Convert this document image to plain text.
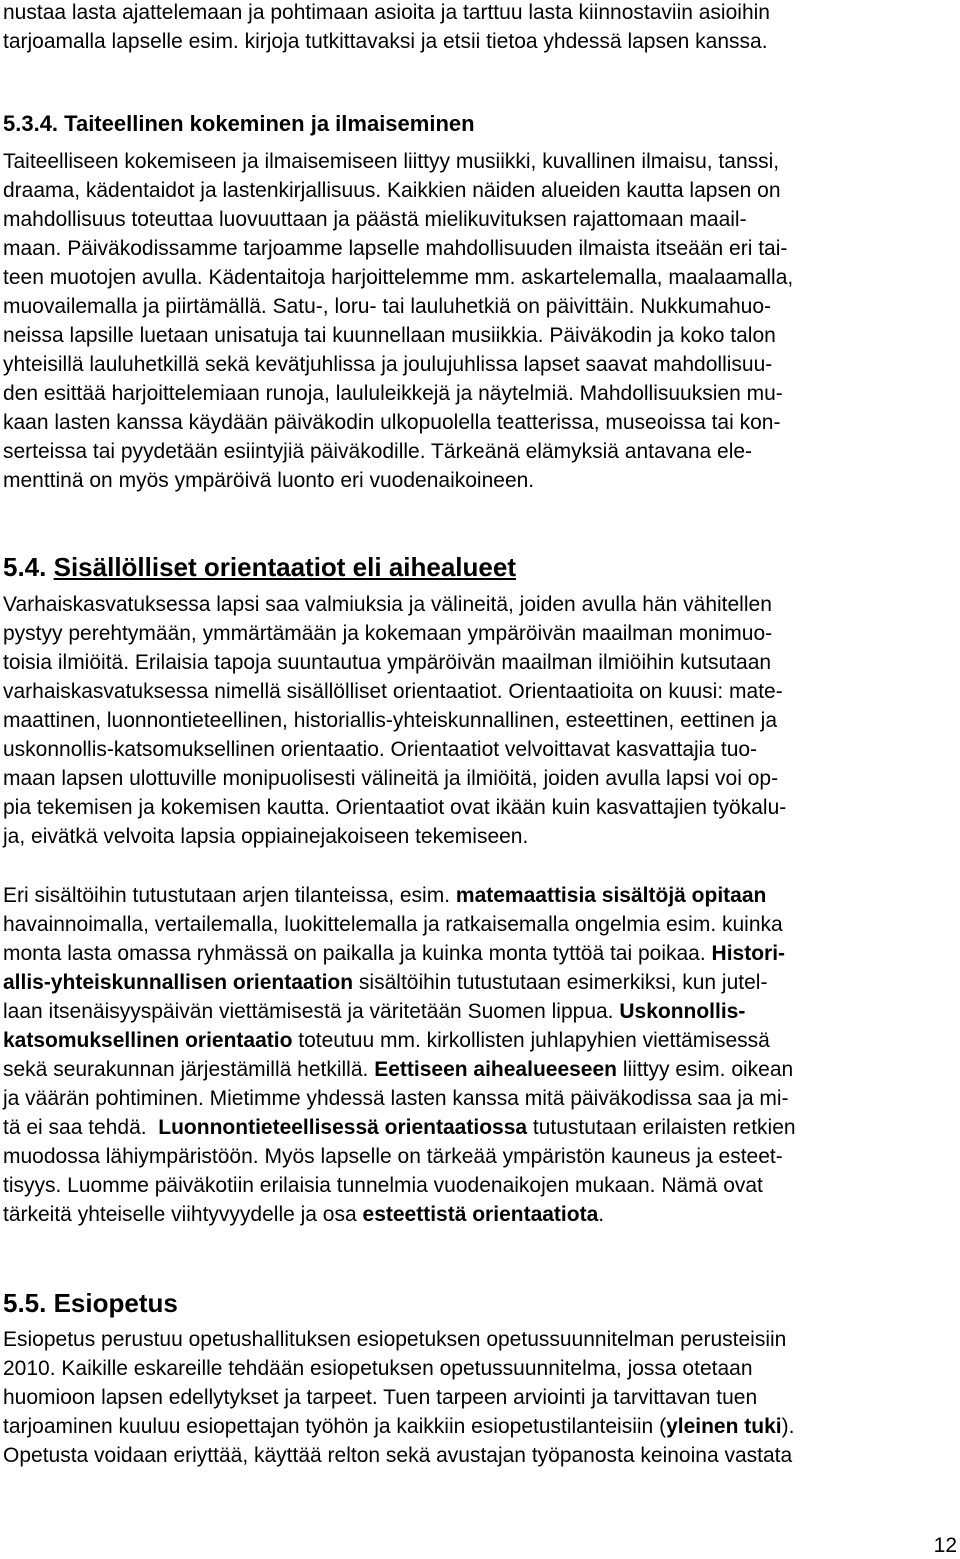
nustaa lasta ajattelemaan ja pohtimaan asioita ja tarttuu lasta kiinnostaviin asioihin
tarjoamalla lapselle esim. kirjoja tutkittavaksi ja etsii tietoa yhdessä lapsen kanssa.
5.3.4. Taiteellinen kokeminen ja ilmaiseminen
Taiteelliseen kokemiseen ja ilmaisemiseen liittyy musiikki, kuvallinen ilmaisu, tanssi,
draama, kädentaidot ja lastenkirjallisuus. Kaikkien näiden alueiden kautta lapsen on
mahdollisuus toteuttaa luovuuttaan ja päästä mielikuvituksen rajattomaan maail-
maan. Päiväkodissamme tarjoamme lapselle mahdollisuuden ilmaista itseään eri tai-
teen muotojen avulla. Kädentaitoja harjoittelemme mm. askartelemalla, maalaamalla,
muovailemalla ja piirtämällä. Satu-, loru- tai lauluhetkiä on päivittäin. Nukkumahuo-
neissa lapsille luetaan unisatuja tai kuunnellaan musiikkia. Päiväkodin ja koko talon
yhteisillä lauluhetkillä sekä kevätjuhlissa ja joulujuhlissa lapset saavat mahdollisuu-
den esittää harjoittelemiaan runoja, laululeikkejä ja näytelmiä. Mahdollisuuksien mu-
kaan lasten kanssa käydään päiväkodin ulkopuolella teatterissa, museoissa tai kon-
serteissa tai pyydetään esiintyjiä päiväkodille. Tärkeänä elämyksiä antavana ele-
menttinä on myös ympäröivä luonto eri vuodenaikoineen.
5.4. Sisällölliset orientaatiot eli aihealueet
Varhaiskasvatuksessa lapsi saa valmiuksia ja välineitä, joiden avulla hän vähitellen
pystyy perehtymään, ymmärtämään ja kokemaan ympäröivän maailman monimuo-
toisia ilmiöitä. Erilaisia tapoja suuntautua ympäröivän maailman ilmiöihin kutsutaan
varhaiskasvatuksessa nimellä sisällölliset orientaatiot. Orientaatioita on kuusi: mate-
maattinen, luonnontieteellinen, historiallis-yhteiskunnallinen, esteettinen, eettinen ja
uskonnollis-katsomuksellinen orientaatio. Orientaatiot velvoittavat kasvattajia tuo-
maan lapsen ulottuville monipuolisesti välineitä ja ilmiöitä, joiden avulla lapsi voi op-
pia tekemisen ja kokemisen kautta. Orientaatiot ovat ikään kuin kasvattajien työkalu-
ja, eivätkä velvoita lapsia oppiainejakoiseen tekemiseen.
Eri sisältöihin tutustutaan arjen tilanteissa, esim. matemaattisia sisältöjä opitaan
havainnoimalla, vertailemalla, luokittelemalla ja ratkaisemalla ongelmia esim. kuinka
monta lasta omassa ryhmässä on paikalla ja kuinka monta tyttöä tai poikaa. Histori-
allis-yhteiskunnallisen orientaation sisältöihin tutustutaan esimerkiksi, kun jutel-
laan itsenäisyyspäivän viettämisestä ja väritetään Suomen lippua. Uskonnollis-
katsomuksellinen orientaatio toteutuu mm. kirkollisten juhlapyhien viettämisessä
sekä seurakunnan järjestämillä hetkillä. Eettiseen aihealueeseen liittyy esim. oikean
ja väärän pohtiminen. Mietimme yhdessä lasten kanssa mitä päiväkodissa saa ja mi-
tä ei saa tehdä.  Luonnontieteellisessä orientaatiossa tutustutaan erilaisten retkien
muodossa lähiympäristöön. Myös lapselle on tärkeää ympäristön kauneus ja esteet-
tisyys. Luomme päiväkotiin erilaisia tunnelmia vuodenaikojen mukaan. Nämä ovat
tärkeitä yhteiselle viihtyvyydelle ja osa esteettistä orientaatiota.
5.5. Esiopetus
Esiopetus perustuu opetushallituksen esiopetuksen opetussuunnitelman perusteisiin
2010. Kaikille eskareille tehdään esiopetuksen opetussuunnitelma, jossa otetaan
huomioon lapsen edellytykset ja tarpeet. Tuen tarpeen arviointi ja tarvittavan tuen
tarjoaminen kuuluu esiopettajan työhön ja kaikkiin esiopetustilanteisiin (yleinen tuki).
Opetusta voidaan eriyttää, käyttää relton sekä avustajan työpanosta keinoina vastata
12
